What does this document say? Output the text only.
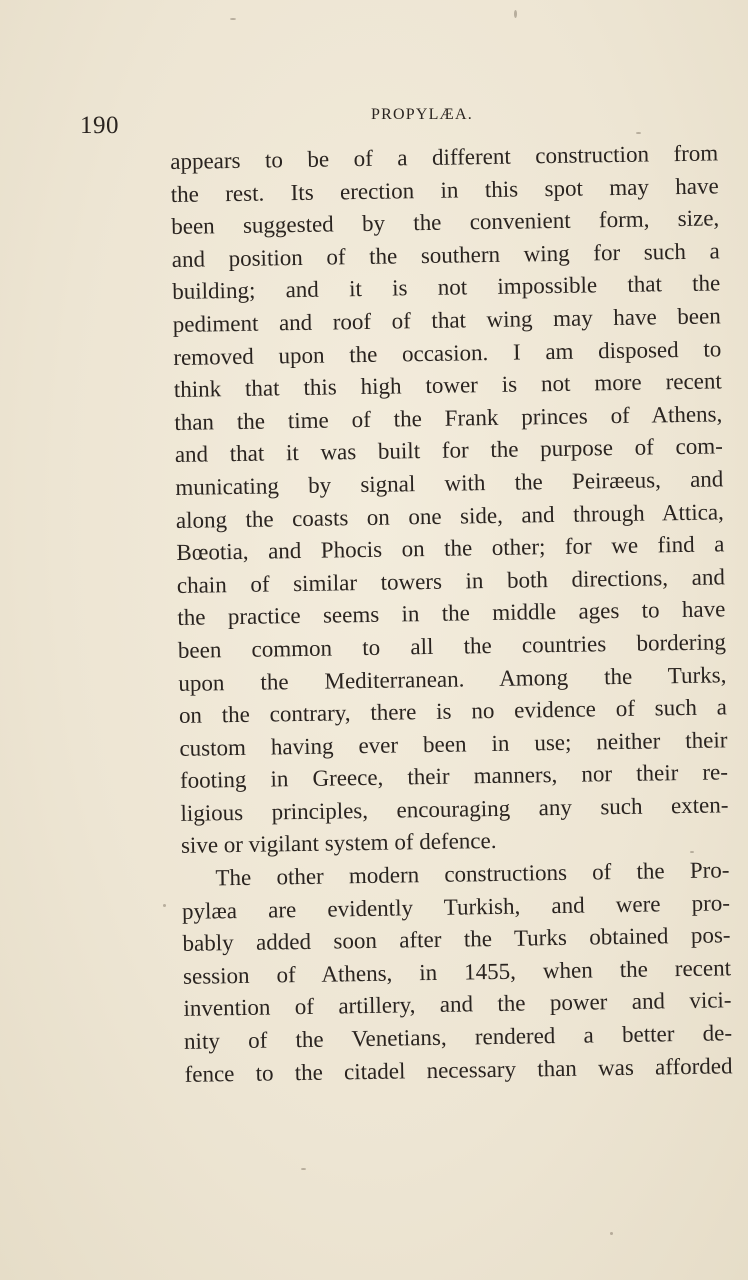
190	PROPYLÆA.
appears to be of a different construction from
the rest. Its erection in this spot may have
been suggested by the convenient form, size,
and position of the southern wing for such a
building; and it is not impossible that the
pediment and roof of that wing may have been
removed upon the occasion. I am disposed to
think that this high tower is not more recent
than the time of the Frank princes of Athens,
and that it was built for the purpose of com-
municating by signal with the Peiræeus, and
along the coasts on one side, and through Attica,
Bœotia, and Phocis on the other; for we find a
chain of similar towers in both directions, and
the practice seems in the middle ages to have
been common to all the countries bordering
upon the Mediterranean. Among the Turks,
on the contrary, there is no evidence of such a
custom having ever been in use; neither their
footing in Greece, their manners, nor their re-
ligious principles, encouraging any such exten-
sive or vigilant system of defence.
The other modern constructions of the Pro-
pylæa are evidently Turkish, and were pro-
bably added soon after the Turks obtained pos-
session of Athens, in 1455, when the recent
invention of artillery, and the power and vici-
nity of the Venetians, rendered a better de-
fence to the citadel necessary than was afforded
